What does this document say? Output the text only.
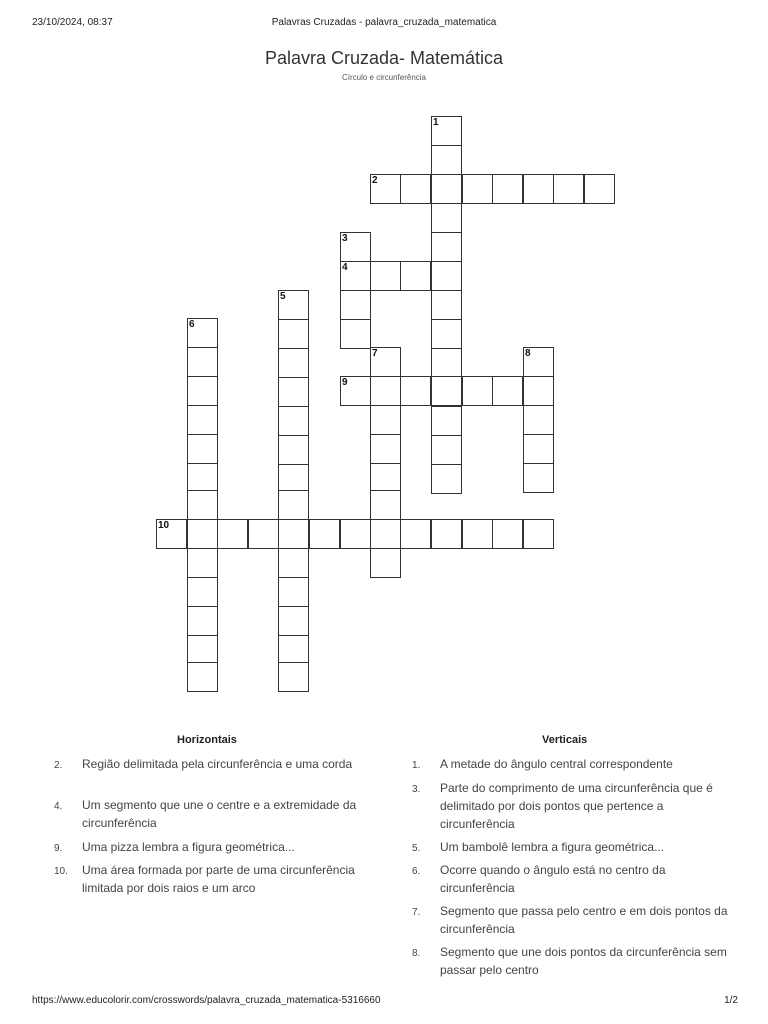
23/10/2024, 08:37	Palavras Cruzadas - palavra_cruzada_matematica
Palavra Cruzada- Matemática
Círculo e circunferência
1
2
3
4
5
6
7	8
9
10
Horizontais	Verticais
2.	Região delimitada pela circunferência e uma corda
4.	Um segmento que une o centre e a extremidade da circunferência
9.	Uma pizza lembra a figura geométrica...
10.	Uma área formada por parte de uma circunferência limitada por dois raios e um arco
1.	A metade do ângulo central correspondente
3.	Parte do comprimento de uma circunferência que é delimitado por dois pontos que pertence a circunferência
5.	Um bambolê lembra a figura geométrica...
6.	Ocorre quando o ângulo está no centro da circunferência
7.	Segmento que passa pelo centro e em dois pontos da circunferência
8.	Segmento que une dois pontos da circunferência sem passar pelo centro
https://www.educolorir.com/crosswords/palavra_cruzada_matematica-5316660	1/2
